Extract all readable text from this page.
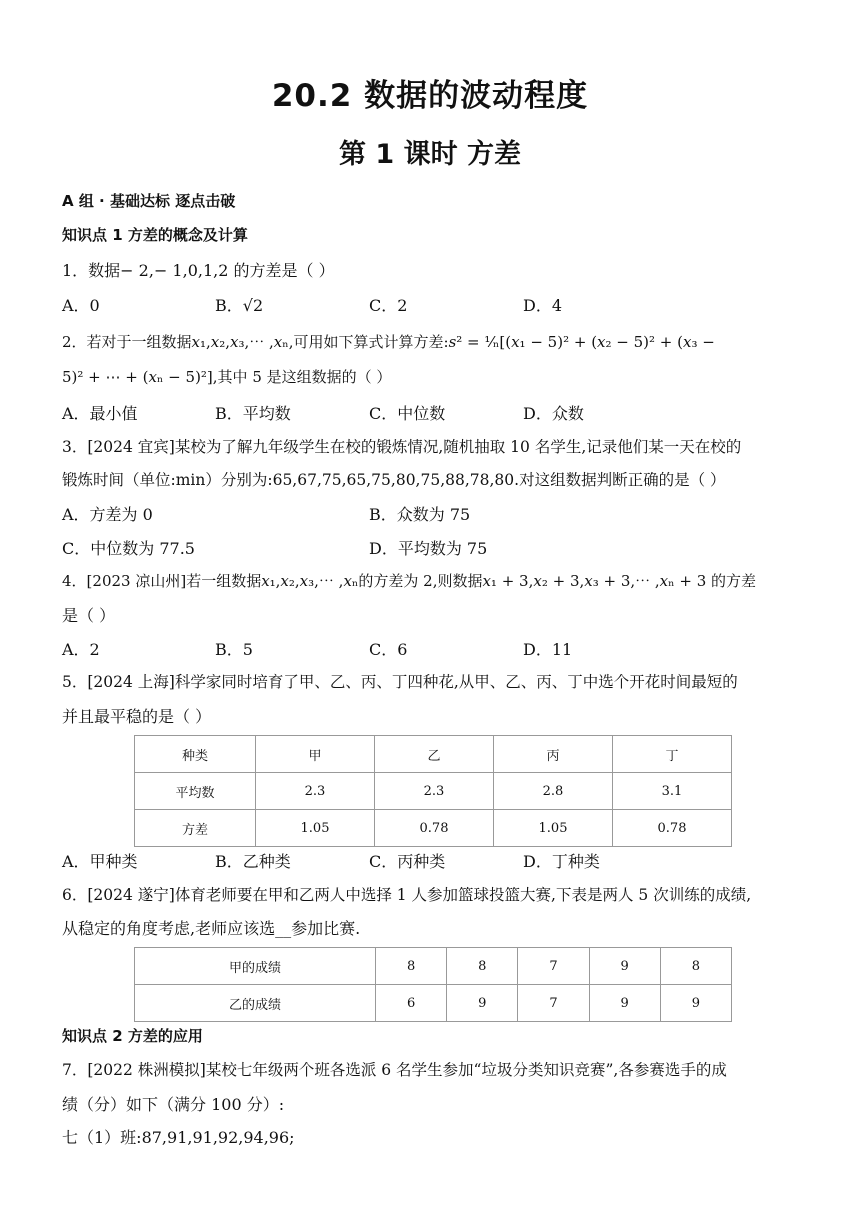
20.2 数据的波动程度
第 1 课时 方差
A 组 · 基础达标 逐点击破
知识点 1 方差的概念及计算
1．数据− 2,− 1,0,1,2 的方差是（ ）
A．0	B．√2	C．2	D．4
2．若对于一组数据𝑥₁,𝑥₂,𝑥₃,⋯ ,𝑥ₙ,可用如下算式计算方差:𝑠² = ¹⁄ₙ[(𝑥₁ − 5)² + (𝑥₂ − 5)² + (𝑥₃ −
5)² + ⋯ + (𝑥ₙ − 5)²],其中 5 是这组数据的（ ）
A．最小值	B．平均数	C．中位数	D．众数
3．[2024 宜宾]某校为了解九年级学生在校的锻炼情况,随机抽取 10 名学生,记录他们某一天在校的
锻炼时间（单位:min）分别为:65,67,75,65,75,80,75,88,78,80.对这组数据判断正确的是（ ）
A．方差为 0	B．众数为 75
C．中位数为 77.5	D．平均数为 75
4．[2023 凉山州]若一组数据𝑥₁,𝑥₂,𝑥₃,⋯ ,𝑥ₙ的方差为 2,则数据𝑥₁ + 3,𝑥₂ + 3,𝑥₃ + 3,⋯ ,𝑥ₙ + 3 的方差
是（ ）
A．2	B．5	C．6	D．11
5．[2024 上海]科学家同时培育了甲、乙、丙、丁四种花,从甲、乙、丙、丁中选个开花时间最短的
并且最平稳的是（ ）
种类	甲	乙	丙	丁
平均数	2.3	2.3	2.8	3.1
方差	1.05	0.78	1.05	0.78
A．甲种类	B．乙种类	C．丙种类	D．丁种类
6．[2024 遂宁]体育老师要在甲和乙两人中选择 1 人参加篮球投篮大赛,下表是两人 5 次训练的成绩,
从稳定的角度考虑,老师应该选__参加比赛.
甲的成绩	8	8	7	9	8
乙的成绩	6	9	7	9	9
知识点 2 方差的应用
7．[2022 株洲模拟]某校七年级两个班各选派 6 名学生参加“垃圾分类知识竞赛”,各参赛选手的成
绩（分）如下（满分 100 分）:
七（1）班:87,91,91,92,94,96;
